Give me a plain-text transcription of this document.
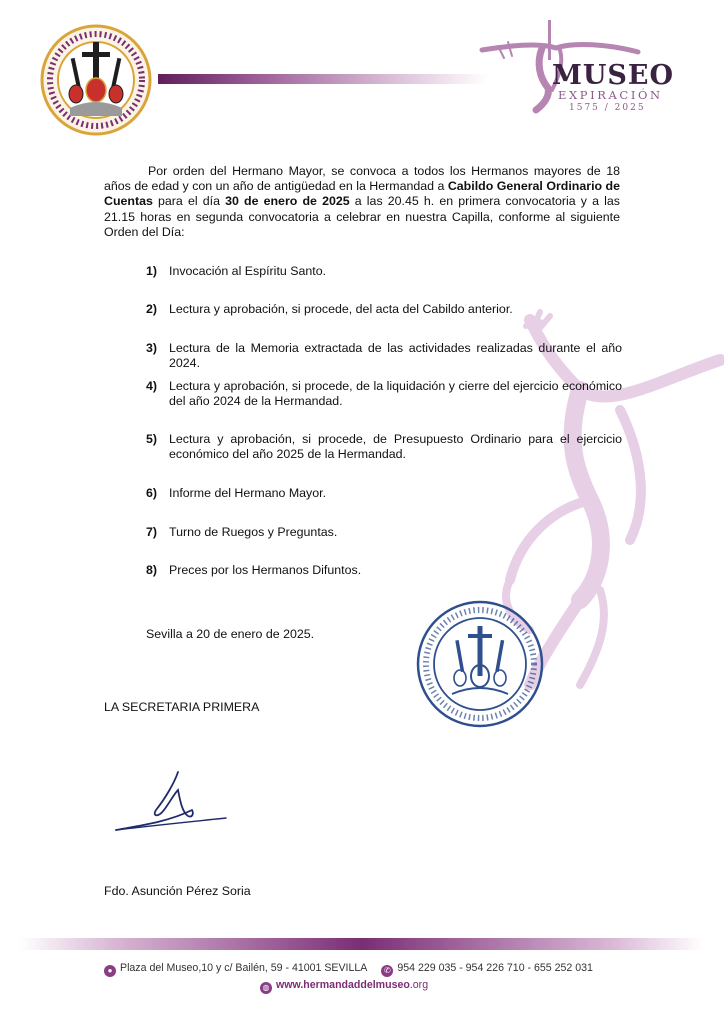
MUSEO
EXPIRACIÓN
1575 / 2025
Por orden del Hermano Mayor, se convoca a todos los Hermanos mayores de 18 años de edad y con un año de antigüedad en la Hermandad a Cabildo General Ordinario de Cuentas para el día 30 de enero de 2025 a las 20.45 h. en primera convocatoria y a las 21.15 horas en segunda convocatoria a celebrar en nuestra Capilla, conforme al siguiente Orden del Día:
1) Invocación al Espíritu Santo.
2) Lectura y aprobación, si procede, del acta del Cabildo anterior.
3) Lectura de la Memoria extractada de las actividades realizadas durante el año 2024.
4) Lectura y aprobación, si procede, de la liquidación y cierre del ejercicio económico del año 2024 de la Hermandad.
5) Lectura y aprobación, si procede, de Presupuesto Ordinario para el ejercicio económico del año 2025 de la Hermandad.
6) Informe del Hermano Mayor.
7) Turno de Ruegos y Preguntas.
8) Preces por los Hermanos Difuntos.
Sevilla a 20 de enero de 2025.
LA SECRETARIA PRIMERA
Fdo. Asunción Pérez Soria
● Plaza del Museo,10 y c/ Bailén, 59 - 41001 SEVILLA ✆ 954 229 035 - 954 226 710 - 655 252 031
◍ www.hermandaddelmuseo.org
